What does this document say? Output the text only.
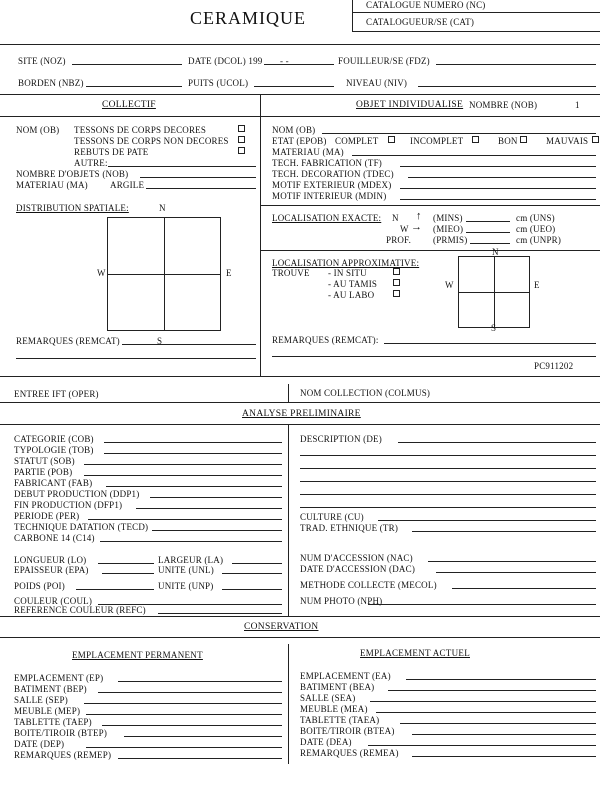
CERAMIQUE
CATALOGUE NUMERO (NC)
CATALOGUEUR/SE (CAT)
SITE (NOZ)	DATE (DCOL) 199 - -	FOUILLEUR/SE (FDZ)
BORDEN (NBZ)	PUITS (UCOL)	NIVEAU (NIV)
COLLECTIF
NOM (OB) TESSONS DE CORPS DECORES
TESSONS DE CORPS NON DECORES
REBUTS DE PATE
AUTRE:
NOMBRE D'OBJETS (NOB)
MATERIAU (MA) ARGILE
DISTRIBUTION SPATIALE:	N
W	E
REMARQUES (REMCAT)	S
OBJET INDIVIDUALISE NOMBRE (NOB)	1
NOM (OB)
ETAT (EPOB) COMPLET	INCOMPLET	BON	MAUVAIS
MATERIAU (MA)
TECH. FABRICATION (TF)
TECH. DECORATION (TDEC)
MOTIF EXTERIEUR (MDEX)
MOTIF INTERIEUR (MDIN)
LOCALISATION EXACTE: N ↑ (MINS)	cm (UNS)
W → (MIEO)	cm (UEO)
PROF. (PRMIS)	cm (UNPR)
LOCALISATION APPROXIMATIVE:
TROUVE - IN SITU
- AU TAMIS
- AU LABO
N
W	E
S
REMARQUES (REMCAT):
PC911202
ENTREE IFT (OPER)	NOM COLLECTION (COLMUS)
ANALYSE PRELIMINAIRE
CATEGORIE (COB)
TYPOLOGIE (TOB)
STATUT (SOB)
PARTIE (POB)
FABRICANT (FAB)
DEBUT PRODUCTION (DDP1)
FIN PRODUCTION (DFP1)
PERIODE (PER)
TECHNIQUE DATATION (TECD)
CARBONE 14 (C14)
LONGUEUR (LO)	LARGEUR (LA)
EPAISSEUR (EPA)	UNITE (UNL)
POIDS (POI)	UNITE (UNP)
COULEUR (COUL)
REFERENCE COULEUR (REFC)
DESCRIPTION (DE)
CULTURE (CU)
TRAD. ETHNIQUE (TR)
NUM D'ACCESSION (NAC)
DATE D'ACCESSION (DAC)
METHODE COLLECTE (MECOL)
NUM PHOTO (NPH)
CONSERVATION
EMPLACEMENT PERMANENT	EMPLACEMENT ACTUEL
EMPLACEMENT (EP)
BATIMENT (BEP)
SALLE (SEP)
MEUBLE (MEP)
TABLETTE (TAEP)
BOITE/TIROIR (BTEP)
DATE (DEP)
REMARQUES (REMEP)
EMPLACEMENT (EA)
BATIMENT (BEA)
SALLE (SEA)
MEUBLE (MEA)
TABLETTE (TAEA)
BOITE/TIROIR (BTEA)
DATE (DEA)
REMARQUES (REMEA)
